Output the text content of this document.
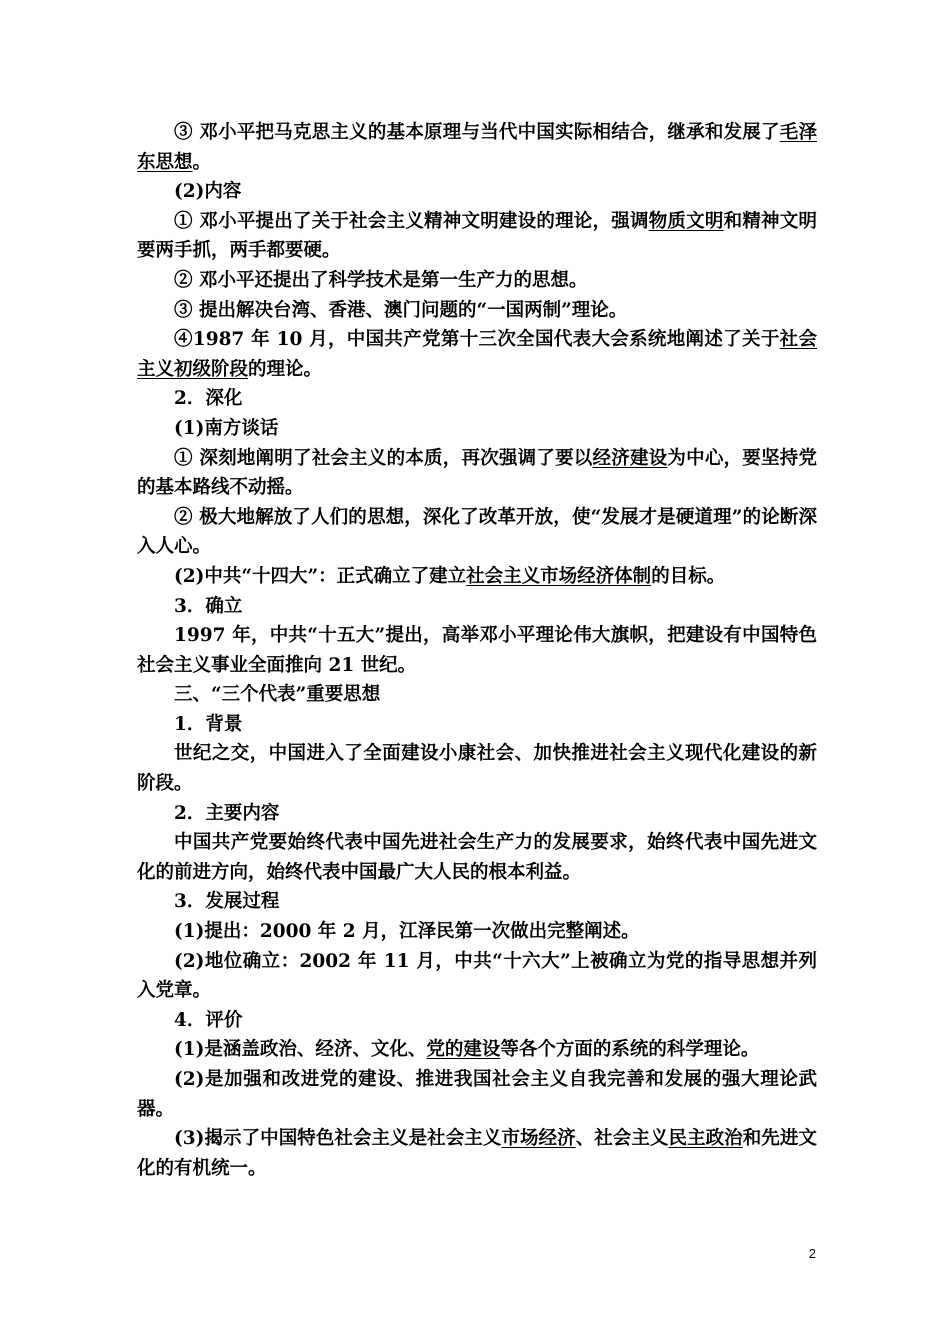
③ 邓小平把马克思主义的基本原理与当代中国实际相结合，继承和发展了毛泽东思想。

(2)内容

① 邓小平提出了关于社会主义精神文明建设的理论，强调物质文明和精神文明要两手抓，两手都要硬。

② 邓小平还提出了科学技术是第一生产力的思想。

③ 提出解决台湾、香港、澳门问题的“一国两制”理论。

④1987 年 10 月，中国共产党第十三次全国代表大会系统地阐述了关于社会主义初级阶段的理论。

2．深化

(1)南方谈话

① 深刻地阐明了社会主义的本质，再次强调了要以经济建设为中心，要坚持党的基本路线不动摇。

② 极大地解放了人们的思想，深化了改革开放，使“发展才是硬道理”的论断深入人心。

(2)中共“十四大”：正式确立了建立社会主义市场经济体制的目标。

3．确立

1997 年，中共“十五大”提出，高举邓小平理论伟大旗帜，把建设有中国特色社会主义事业全面推向 21 世纪。

三、“三个代表”重要思想

1．背景

世纪之交，中国进入了全面建设小康社会、加快推进社会主义现代化建设的新阶段。

2．主要内容

中国共产党要始终代表中国先进社会生产力的发展要求，始终代表中国先进文化的前进方向，始终代表中国最广大人民的根本利益。

3．发展过程

(1)提出：2000 年 2 月，江泽民第一次做出完整阐述。

(2)地位确立：2002 年 11 月，中共“十六大”上被确立为党的指导思想并列入党章。

4．评价

(1)是涵盖政治、经济、文化、党的建设等各个方面的系统的科学理论。

(2)是加强和改进党的建设、推进我国社会主义自我完善和发展的强大理论武器。

(3)揭示了中国特色社会主义是社会主义市场经济、社会主义民主政治和先进文化的有机统一。

2
